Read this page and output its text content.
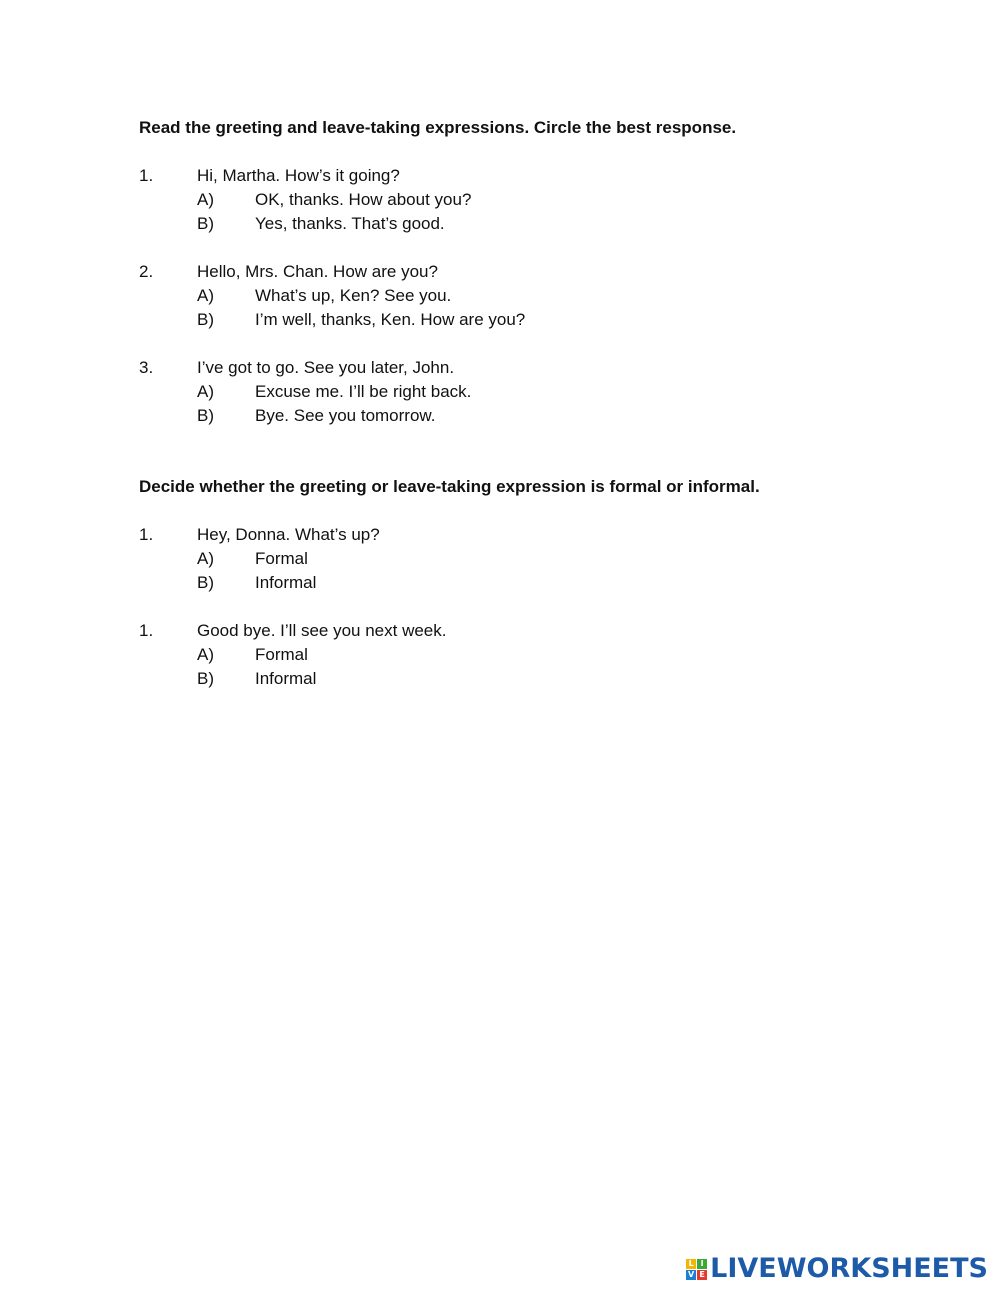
Read the greeting and leave-taking expressions. Circle the best response.
1.	Hi, Martha. How’s it going?
A) OK, thanks. How about you?
B) Yes, thanks. That’s good.
2.	Hello, Mrs. Chan. How are you?
A) What’s up, Ken? See you.
B) I’m well, thanks, Ken. How are you?
3.	I’ve got to go. See you later, John.
A) Excuse me. I’ll be right back.
B) Bye. See you tomorrow.
Decide whether the greeting or leave-taking expression is formal or informal.
1.	Hey, Donna. What’s up?
A) Formal
B) Informal
1.	Good bye. I’ll see you next week.
A) Formal
B) Informal
L I
V E LIVEWORKSHEETS
